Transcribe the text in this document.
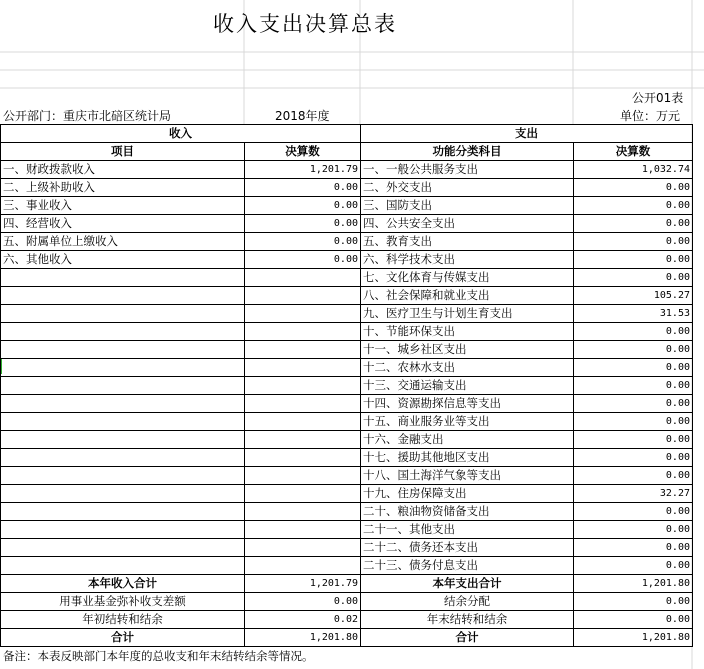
收入支出决算总表
公开01表
公开部门：重庆市北碚区统计局	2018年度	单位：万元
收入		支出	
项目	决算数	功能分类科目	决算数
一、财政拨款收入	1,201.79	一、一般公共服务支出	1,032.74
二、上级补助收入	0.00	二、外交支出	0.00
三、事业收入	0.00	三、国防支出	0.00
四、经营收入	0.00	四、公共安全支出	0.00
五、附属单位上缴收入	0.00	五、教育支出	0.00
六、其他收入	0.00	六、科学技术支出	0.00
		七、文化体育与传媒支出	0.00
		八、社会保障和就业支出	105.27
		九、医疗卫生与计划生育支出	31.53
		十、节能环保支出	0.00
		十一、城乡社区支出	0.00
		十二、农林水支出	0.00
		十三、交通运输支出	0.00
		十四、资源勘探信息等支出	0.00
		十五、商业服务业等支出	0.00
		十六、金融支出	0.00
		十七、援助其他地区支出	0.00
		十八、国土海洋气象等支出	0.00
		十九、住房保障支出	32.27
		二十、粮油物资储备支出	0.00
		二十一、其他支出	0.00
		二十二、债务还本支出	0.00
		二十三、债务付息支出	0.00
本年收入合计	1,201.79	本年支出合计	1,201.80
用事业基金弥补收支差额	0.00	结余分配	0.00
年初结转和结余	0.02	年末结转和结余	0.00
合计	1,201.80	合计	1,201.80
备注：本表反映部门本年度的总收支和年末结转结余等情况。
